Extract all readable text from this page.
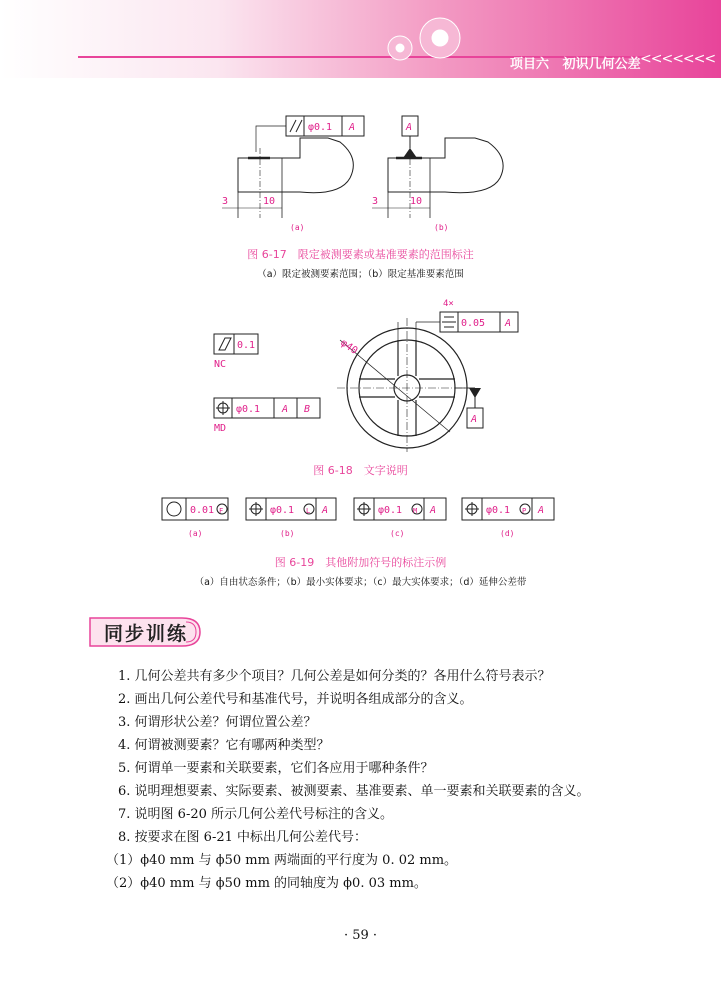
项目六 初识几何公差 <<<<<<<
φ0.1 A
3	10
(a)
A
3	10
(b)
图 6-17　限定被测要素或基准要素的范围标注
（a）限定被测要素范围；（b）限定基准要素范围
0.1
NC
φ0.1 A B
MD
φ40
4×
0.05 A
A
图 6-18　文字说明
0.01 F
(a)
φ0.1 L A
(b)
φ0.1 M A
(c)
φ0.1 P A
(d)
图 6-19　其他附加符号的标注示例
（a）自由状态条件；（b）最小实体要求；（c）最大实体要求；（d）延伸公差带
同步训练
1. 几何公差共有多少个项目？几何公差是如何分类的？各用什么符号表示？
2. 画出几何公差代号和基准代号，并说明各组成部分的含义。
3. 何谓形状公差？何谓位置公差？
4. 何谓被测要素？它有哪两种类型？
5. 何谓单一要素和关联要素，它们各应用于哪种条件？
6. 说明理想要素、实际要素、被测要素、基准要素、单一要素和关联要素的含义。
7. 说明图 6-20 所示几何公差代号标注的含义。
8. 按要求在图 6-21 中标出几何公差代号：
（1）ϕ40 mm 与 ϕ50 mm 两端面的平行度为 0. 02 mm。
（2）ϕ40 mm 与 ϕ50 mm 的同轴度为 ϕ0. 03 mm。
· 59 ·
